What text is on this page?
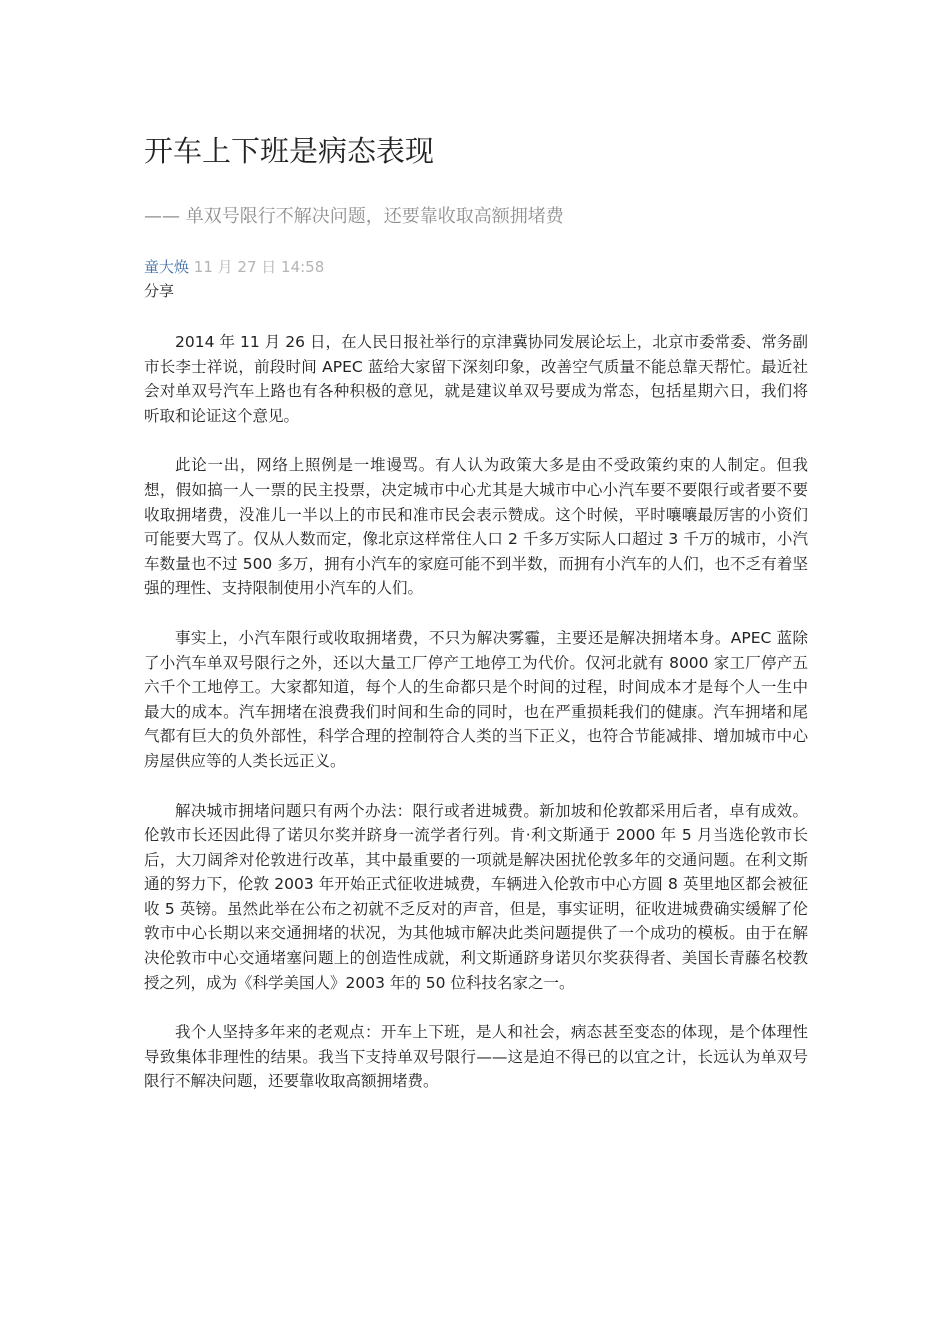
开车上下班是病态表现
—— 单双号限行不解决问题，还要靠收取高额拥堵费
童大焕 11 月 27 日 14:58
分享

2014 年 11 月 26 日，在人民日报社举行的京津冀协同发展论坛上，北京市委常委、常务副市长李士祥说，前段时间 APEC 蓝给大家留下深刻印象，改善空气质量不能总靠天帮忙。最近社会对单双号汽车上路也有各种积极的意见，就是建议单双号要成为常态，包括星期六日，我们将听取和论证这个意见。

此论一出，网络上照例是一堆谩骂。有人认为政策大多是由不受政策约束的人制定。但我想，假如搞一人一票的民主投票，决定城市中心尤其是大城市中心小汽车要不要限行或者要不要收取拥堵费，没准儿一半以上的市民和准市民会表示赞成。这个时候，平时嚷嚷最厉害的小资们可能要大骂了。仅从人数而定，像北京这样常住人口 2 千多万实际人口超过 3 千万的城市，小汽车数量也不过 500 多万，拥有小汽车的家庭可能不到半数，而拥有小汽车的人们，也不乏有着坚强的理性、支持限制使用小汽车的人们。

事实上，小汽车限行或收取拥堵费，不只为解决雾霾，主要还是解决拥堵本身。APEC 蓝除了小汽车单双号限行之外，还以大量工厂停产工地停工为代价。仅河北就有 8000 家工厂停产五六千个工地停工。大家都知道，每个人的生命都只是个时间的过程，时间成本才是每个人一生中最大的成本。汽车拥堵在浪费我们时间和生命的同时，也在严重损耗我们的健康。汽车拥堵和尾气都有巨大的负外部性，科学合理的控制符合人类的当下正义，也符合节能减排、增加城市中心房屋供应等的人类长远正义。

解决城市拥堵问题只有两个办法：限行或者进城费。新加坡和伦敦都采用后者，卓有成效。伦敦市长还因此得了诺贝尔奖并跻身一流学者行列。肯·利文斯通于 2000 年 5 月当选伦敦市长后，大刀阔斧对伦敦进行改革，其中最重要的一项就是解决困扰伦敦多年的交通问题。在利文斯通的努力下，伦敦 2003 年开始正式征收进城费，车辆进入伦敦市中心方圆 8 英里地区都会被征收 5 英镑。虽然此举在公布之初就不乏反对的声音，但是，事实证明，征收进城费确实缓解了伦敦市中心长期以来交通拥堵的状况，为其他城市解决此类问题提供了一个成功的模板。由于在解决伦敦市中心交通堵塞问题上的创造性成就，利文斯通跻身诺贝尔奖获得者、美国长青藤名校教授之列，成为《科学美国人》2003 年的 50 位科技名家之一。

我个人坚持多年来的老观点：开车上下班，是人和社会，病态甚至变态的体现，是个体理性导致集体非理性的结果。我当下支持单双号限行——这是迫不得已的以宜之计，长远认为单双号限行不解决问题，还要靠收取高额拥堵费。
